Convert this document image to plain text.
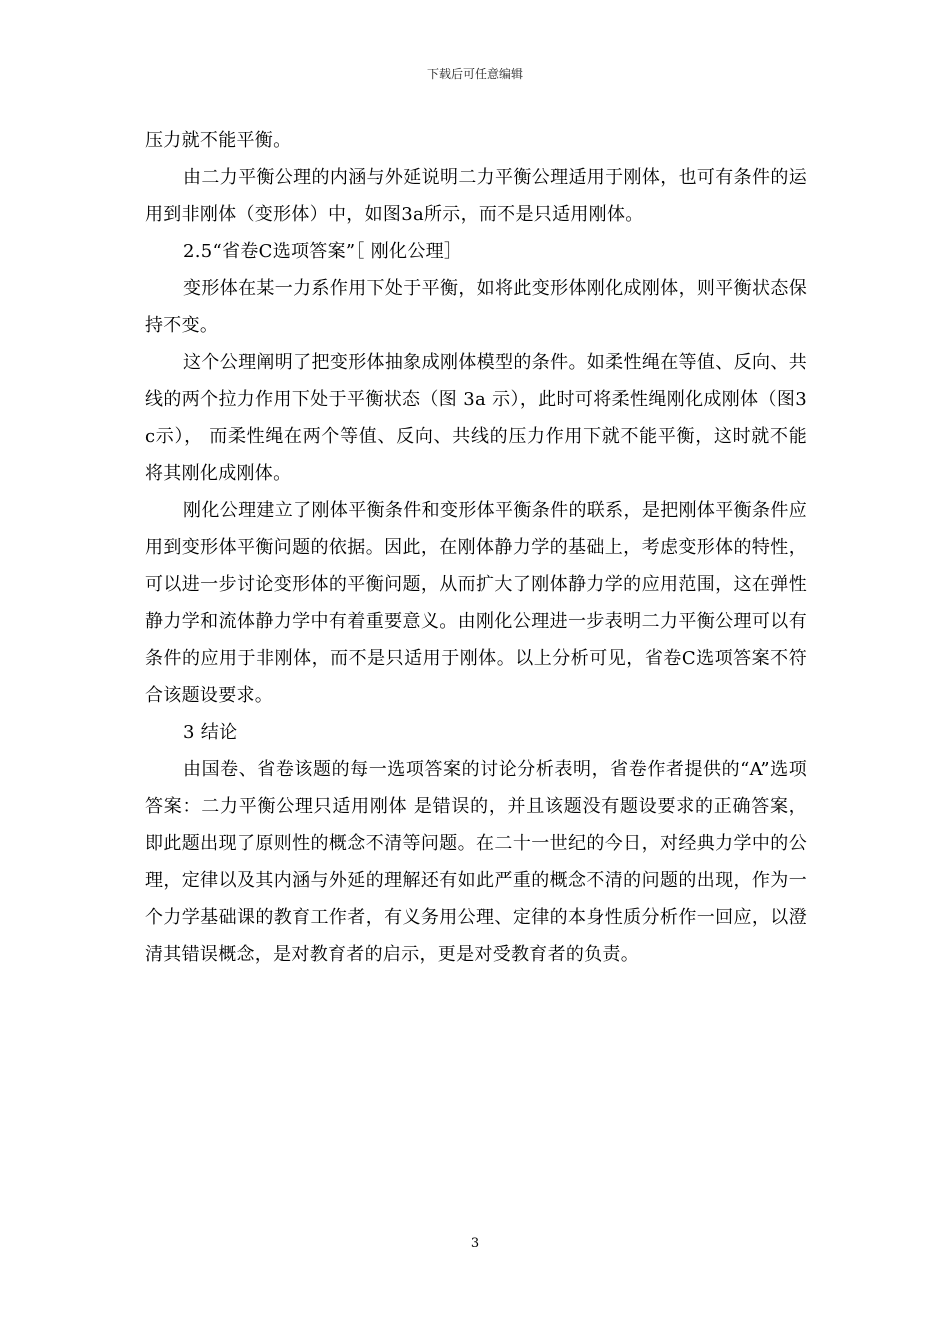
下载后可任意编辑

压力就不能平衡。

由二力平衡公理的内涵与外延说明二力平衡公理适用于刚体，也可有条件的运用到非刚体（变形体）中，如图3a所示，而不是只适用刚体。

2.5“省卷C选项答案”［ 刚化公理］

变形体在某一力系作用下处于平衡，如将此变形体刚化成刚体，则平衡状态保持不变。

这个公理阐明了把变形体抽象成刚体模型的条件。如柔性绳在等值、反向、共线的两个拉力作用下处于平衡状态（图 3a 示），此时可将柔性绳刚化成刚体（图3c示）， 而柔性绳在两个等值、反向、共线的压力作用下就不能平衡，这时就不能将其刚化成刚体。

刚化公理建立了刚体平衡条件和变形体平衡条件的联系，是把刚体平衡条件应用到变形体平衡问题的依据。因此，在刚体静力学的基础上，考虑变形体的特性，可以进一步讨论变形体的平衡问题，从而扩大了刚体静力学的应用范围，这在弹性静力学和流体静力学中有着重要意义。由刚化公理进一步表明二力平衡公理可以有条件的应用于非刚体，而不是只适用于刚体。以上分析可见，省卷C选项答案不符合该题设要求。

3 结论

由国卷、省卷该题的每一选项答案的讨论分析表明，省卷作者提供的“A”选项答案：二力平衡公理只适用刚体 是错误的，并且该题没有题设要求的正确答案，即此题出现了原则性的概念不清等问题。在二十一世纪的今日，对经典力学中的公理，定律以及其内涵与外延的理解还有如此严重的概念不清的问题的出现，作为一个力学基础课的教育工作者，有义务用公理、定律的本身性质分析作一回应，以澄清其错误概念，是对教育者的启示，更是对受教育者的负责。

3
